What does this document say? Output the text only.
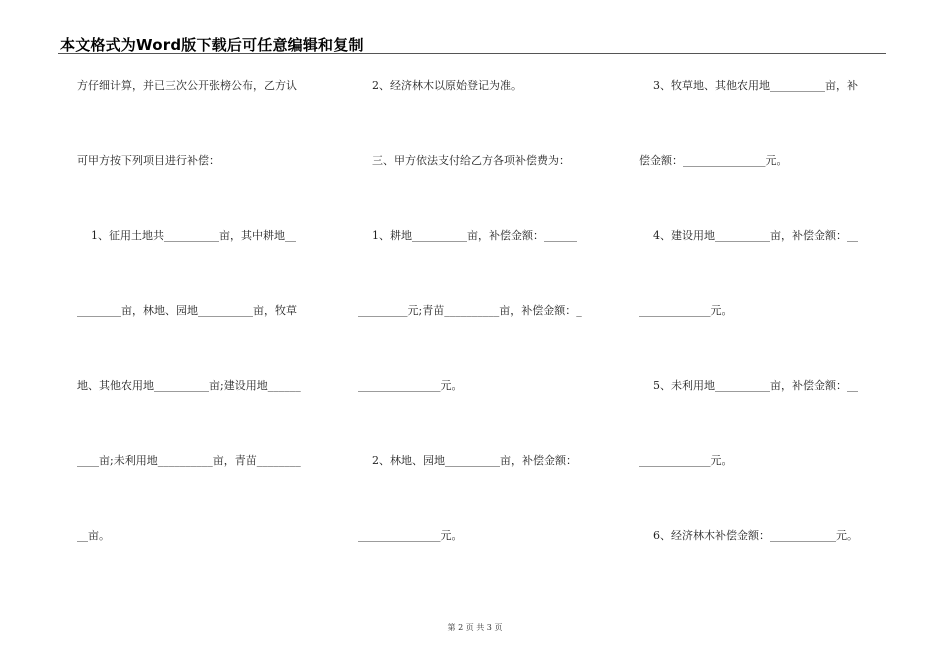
本文格式为Word版下载后可任意编辑和复制
方仔细计算，并已三次公开张榜公布，乙方认
可甲方按下列项目进行补偿：
1、征用土地共__________亩，其中耕地__
________亩，林地、园地__________亩，牧草
地、其他农用地__________亩;建设用地______
____亩;未利用地__________亩，青苗________
__亩。
2、经济林木以原始登记为准。
三、甲方依法支付给乙方各项补偿费为：
1、耕地__________亩，补偿金额：______
_________元;青苗__________亩，补偿金额：_
_______________元。
2、林地、园地__________亩，补偿金额：
_______________元。
3、牧草地、其他农用地__________亩，补
偿金额：_______________元。
4、建设用地__________亩，补偿金额：__
_____________元。
5、未利用地__________亩，补偿金额：__
_____________元。
6、经济林木补偿金额：____________元。
第 2 页 共 3 页
